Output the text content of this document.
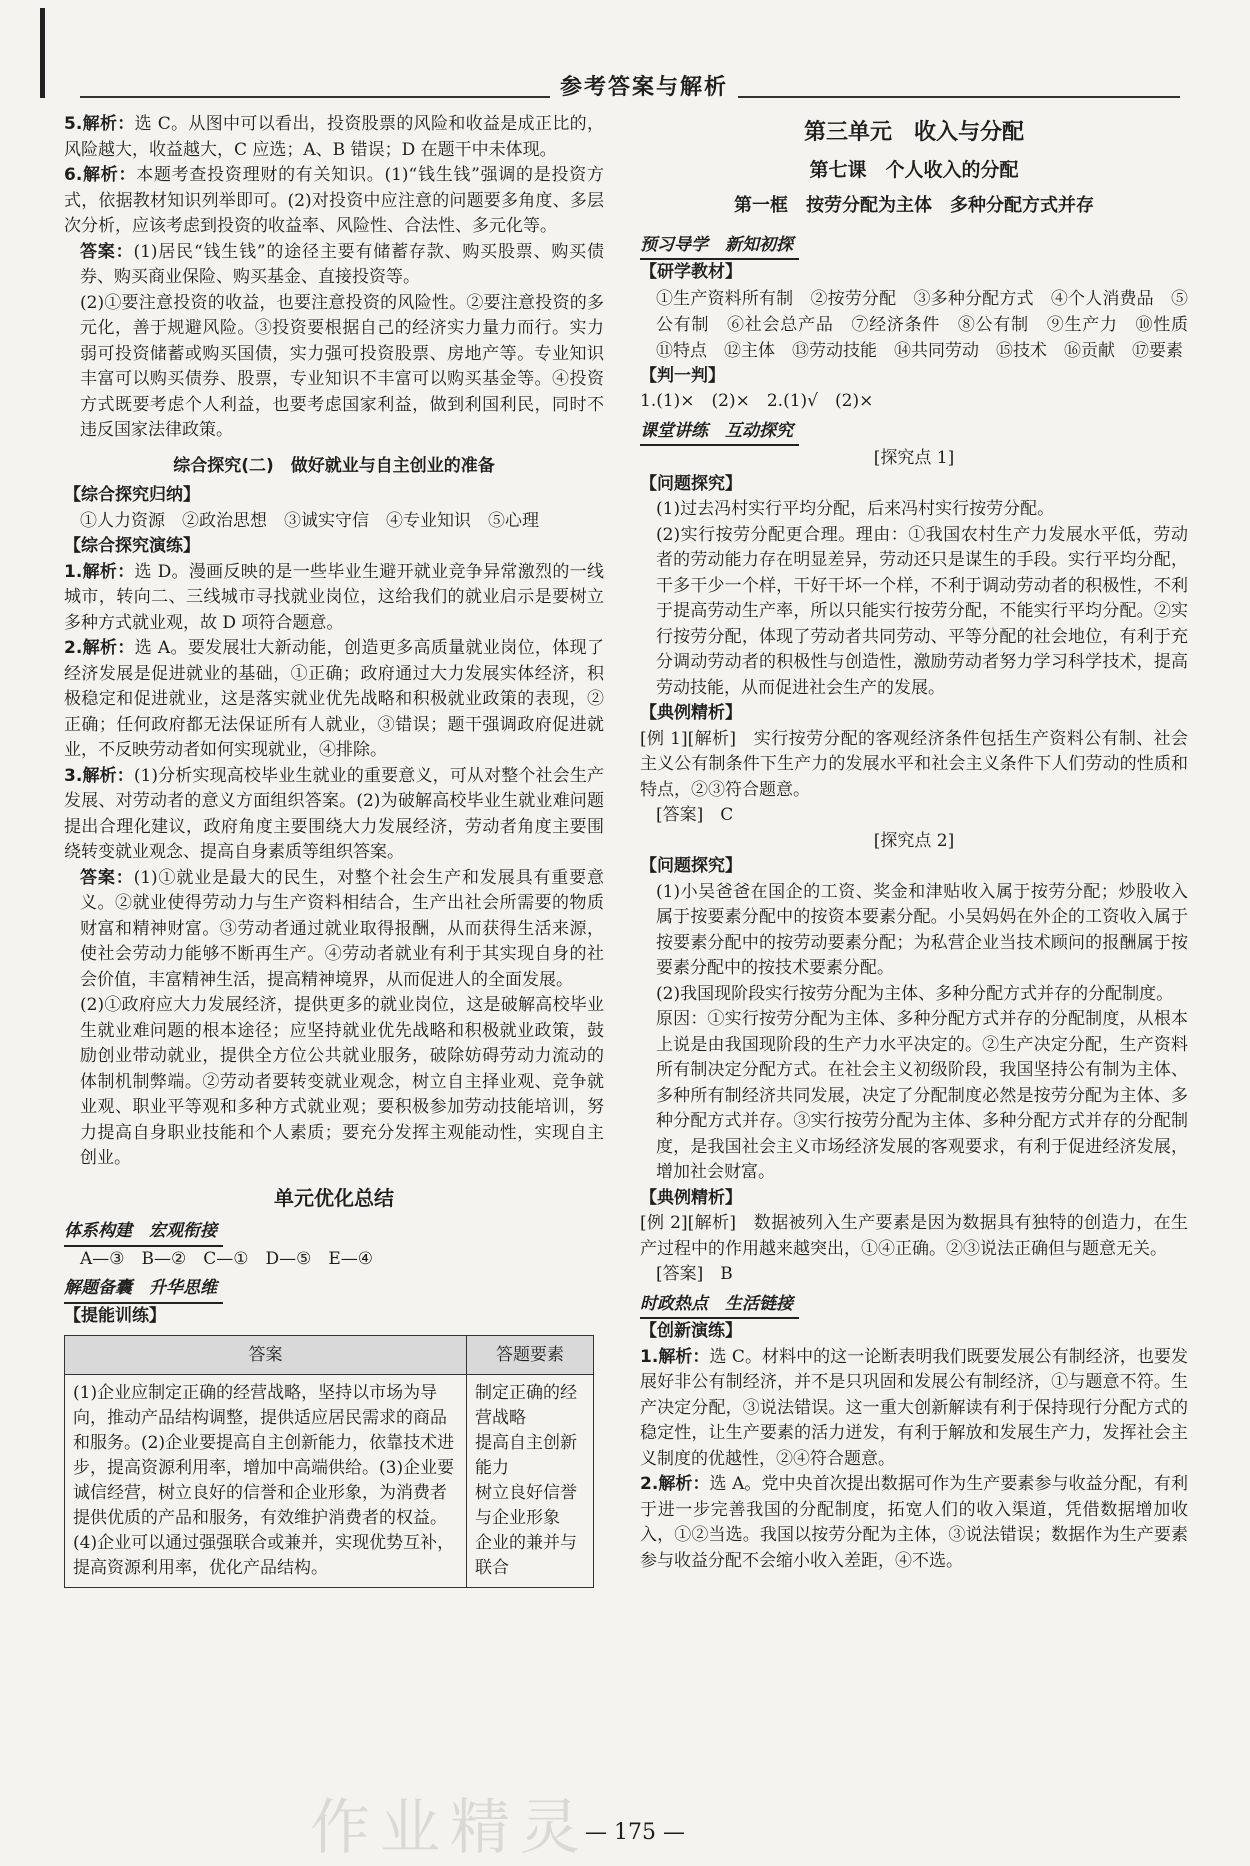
参考答案与解析

5.解析：选 C。从图中可以看出，投资股票的风险和收益是成正比的，风险越大，收益越大，C 应选；A、B 错误；D 在题干中未体现。

6.解析：本题考查投资理财的有关知识。(1)“钱生钱”强调的是投资方式，依据教材知识列举即可。(2)对投资中应注意的问题要多角度、多层次分析，应该考虑到投资的收益率、风险性、合法性、多元化等。

答案：(1)居民“钱生钱”的途径主要有储蓄存款、购买股票、购买债券、购买商业保险、购买基金、直接投资等。

(2)①要注意投资的收益，也要注意投资的风险性。②要注意投资的多元化，善于规避风险。③投资要根据自己的经济实力量力而行。实力弱可投资储蓄或购买国债，实力强可投资股票、房地产等。专业知识丰富可以购买债券、股票，专业知识不丰富可以购买基金等。④投资方式既要考虑个人利益，也要考虑国家利益，做到利国利民，同时不违反国家法律政策。

综合探究(二)　做好就业与自主创业的准备
【综合探究归纳】
①人力资源　②政治思想　③诚实守信　④专业知识　⑤心理
【综合探究演练】

1.解析：选 D。漫画反映的是一些毕业生避开就业竞争异常激烈的一线城市，转向二、三线城市寻找就业岗位，这给我们的就业启示是要树立多种方式就业观，故 D 项符合题意。

2.解析：选 A。要发展壮大新动能，创造更多高质量就业岗位，体现了经济发展是促进就业的基础，①正确；政府通过大力发展实体经济，积极稳定和促进就业，这是落实就业优先战略和积极就业政策的表现，②正确；任何政府都无法保证所有人就业，③错误；题干强调政府促进就业，不反映劳动者如何实现就业，④排除。

3.解析：(1)分析实现高校毕业生就业的重要意义，可从对整个社会生产发展、对劳动者的意义方面组织答案。(2)为破解高校毕业生就业难问题提出合理化建议，政府角度主要围绕大力发展经济，劳动者角度主要围绕转变就业观念、提高自身素质等组织答案。

答案：(1)①就业是最大的民生，对整个社会生产和发展具有重要意义。②就业使得劳动力与生产资料相结合，生产出社会所需要的物质财富和精神财富。③劳动者通过就业取得报酬，从而获得生活来源，使社会劳动力能够不断再生产。④劳动者就业有利于其实现自身的社会价值，丰富精神生活，提高精神境界，从而促进人的全面发展。

(2)①政府应大力发展经济，提供更多的就业岗位，这是破解高校毕业生就业难问题的根本途径；应坚持就业优先战略和积极就业政策，鼓励创业带动就业，提供全方位公共就业服务，破除妨碍劳动力流动的体制机制弊端。②劳动者要转变就业观念，树立自主择业观、竞争就业观、职业平等观和多种方式就业观；要积极参加劳动技能培训，努力提高自身职业技能和个人素质；要充分发挥主观能动性，实现自主创业。

单元优化总结
体系构建　宏观衔接
A—③　B—②　C—①　D—⑤　E—④
解题备囊　升华思维
【提能训练】
答案	答题要素
(1)企业应制定正确的经营战略，坚持以市场为导向，推动产品结构调整，提供适应居民需求的商品和服务。(2)企业要提高自主创新能力，依靠技术进步，提高资源利用率，增加中高端供给。(3)企业要诚信经营，树立良好的信誉和企业形象，为消费者提供优质的产品和服务，有效维护消费者的权益。(4)企业可以通过强强联合或兼并，实现优势互补，提高资源利用率，优化产品结构。	制定正确的经营战略
提高自主创新能力
树立良好信誉与企业形象
企业的兼并与联合
第三单元　收入与分配
第七课　个人收入的分配
第一框　按劳分配为主体　多种分配方式并存
预习导学　新知初探
【研学教材】

①生产资料所有制　②按劳分配　③多种分配方式　④个人消费品　⑤公有制　⑥社会总产品　⑦经济条件　⑧公有制　⑨生产力　⑩性质　⑪特点　⑫主体　⑬劳动技能　⑭共同劳动　⑮技术　⑯贡献　⑰要素

【判一判】
1.(1)×　(2)×　2.(1)√　(2)×
课堂讲练　互动探究
[探究点 1]
【问题探究】

(1)过去冯村实行平均分配，后来冯村实行按劳分配。

(2)实行按劳分配更合理。理由：①我国农村生产力发展水平低，劳动者的劳动能力存在明显差异，劳动还只是谋生的手段。实行平均分配，干多干少一个样，干好干坏一个样，不利于调动劳动者的积极性，不利于提高劳动生产率，所以只能实行按劳分配，不能实行平均分配。②实行按劳分配，体现了劳动者共同劳动、平等分配的社会地位，有利于充分调动劳动者的积极性与创造性，激励劳动者努力学习科学技术，提高劳动技能，从而促进社会生产的发展。

【典例精析】

[例 1][解析]　实行按劳分配的客观经济条件包括生产资料公有制、社会主义公有制条件下生产力的发展水平和社会主义条件下人们劳动的性质和特点，②③符合题意。

[答案]　C
[探究点 2]
【问题探究】

(1)小吴爸爸在国企的工资、奖金和津贴收入属于按劳分配；炒股收入属于按要素分配中的按资本要素分配。小吴妈妈在外企的工资收入属于按要素分配中的按劳动要素分配；为私营企业当技术顾问的报酬属于按要素分配中的按技术要素分配。

(2)我国现阶段实行按劳分配为主体、多种分配方式并存的分配制度。

原因：①实行按劳分配为主体、多种分配方式并存的分配制度，从根本上说是由我国现阶段的生产力水平决定的。②生产决定分配，生产资料所有制决定分配方式。在社会主义初级阶段，我国坚持公有制为主体、多种所有制经济共同发展，决定了分配制度必然是按劳分配为主体、多种分配方式并存。③实行按劳分配为主体、多种分配方式并存的分配制度，是我国社会主义市场经济发展的客观要求，有利于促进经济发展，增加社会财富。

【典例精析】

[例 2][解析]　数据被列入生产要素是因为数据具有独特的创造力，在生产过程中的作用越来越突出，①④正确。②③说法正确但与题意无关。

[答案]　B
时政热点　生活链接
【创新演练】

1.解析：选 C。材料中的这一论断表明我们既要发展公有制经济，也要发展好非公有制经济，并不是只巩固和发展公有制经济，①与题意不符。生产决定分配，③说法错误。这一重大创新解读有利于保持现行分配方式的稳定性，让生产要素的活力迸发，有利于解放和发展生产力，发挥社会主义制度的优越性，②④符合题意。

2.解析：选 A。党中央首次提出数据可作为生产要素参与收益分配，有利于进一步完善我国的分配制度，拓宽人们的收入渠道，凭借数据增加收入，①②当选。我国以按劳分配为主体，③说法错误；数据作为生产要素参与收益分配不会缩小收入差距，④不选。

作业精灵
— 175 —
